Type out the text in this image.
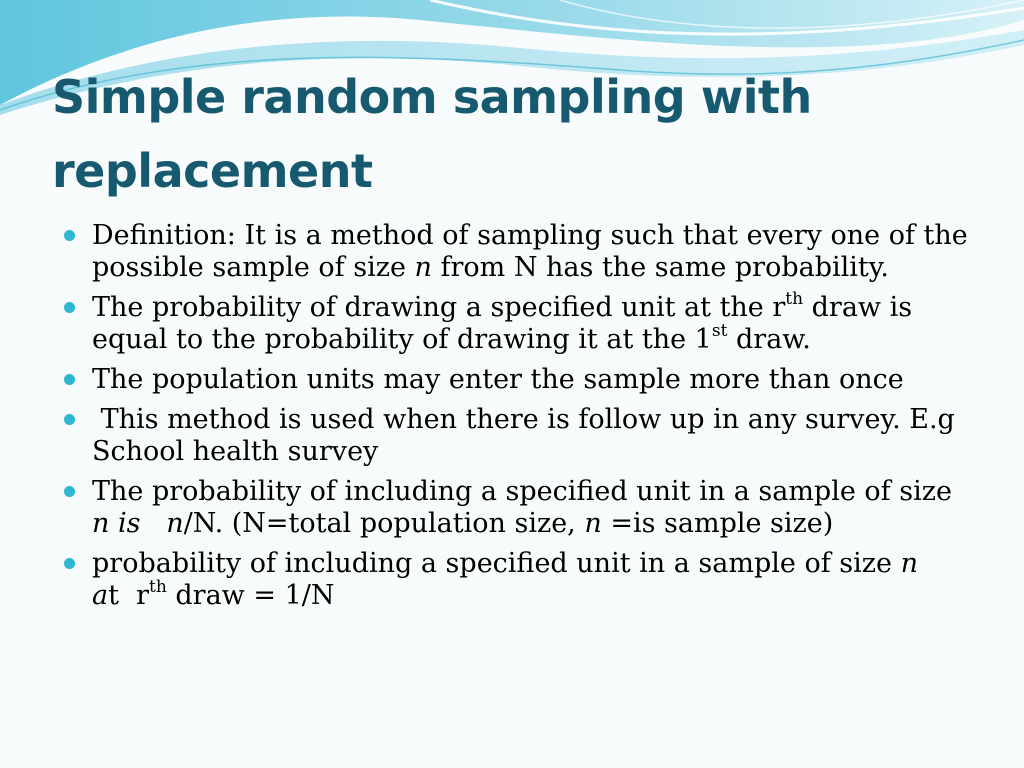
Simple random sampling with replacement
Definition: It is a method of sampling such that every one of the possible sample of size n from N has the same probability.
The probability of drawing a specified unit at the $r^{th}$ draw is equal to the probability of drawing it at the 1st draw.
The population units may enter the sample more than once
This method is used when there is follow up in any survey. E.g  School health survey
The probability of including a specified unit in a sample of size n is n/N. (N=total population size, n =is sample size)
probability of including a specified unit in a sample of size n at  $r^{th}$ draw = 1/N
